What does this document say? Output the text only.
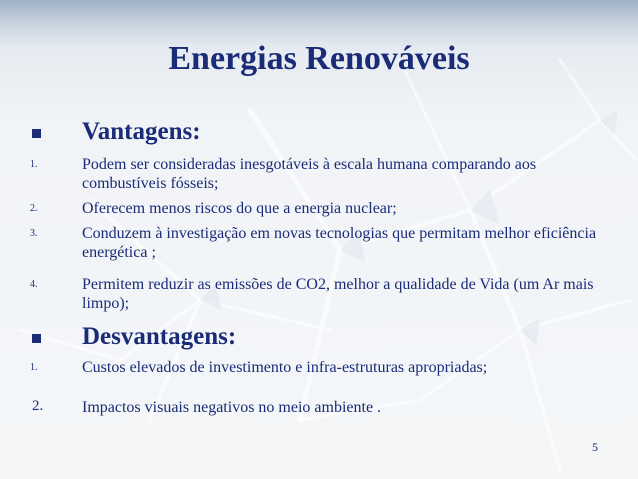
Energias Renováveis
Vantagens:
1.	Podem ser consideradas inesgotáveis à escala humana comparando aos combustíveis fósseis;
2.	Oferecem menos riscos do que a energia nuclear;
3.	Conduzem à investigação em novas tecnologias que permitam melhor eficiência energética ;
4.	Permitem reduzir as emissões de CO2, melhor a qualidade de Vida (um Ar mais limpo);
Desvantagens:
1.	Custos elevados de investimento e infra-estruturas apropriadas;
2. Impactos visuais negativos no meio ambiente .
5
